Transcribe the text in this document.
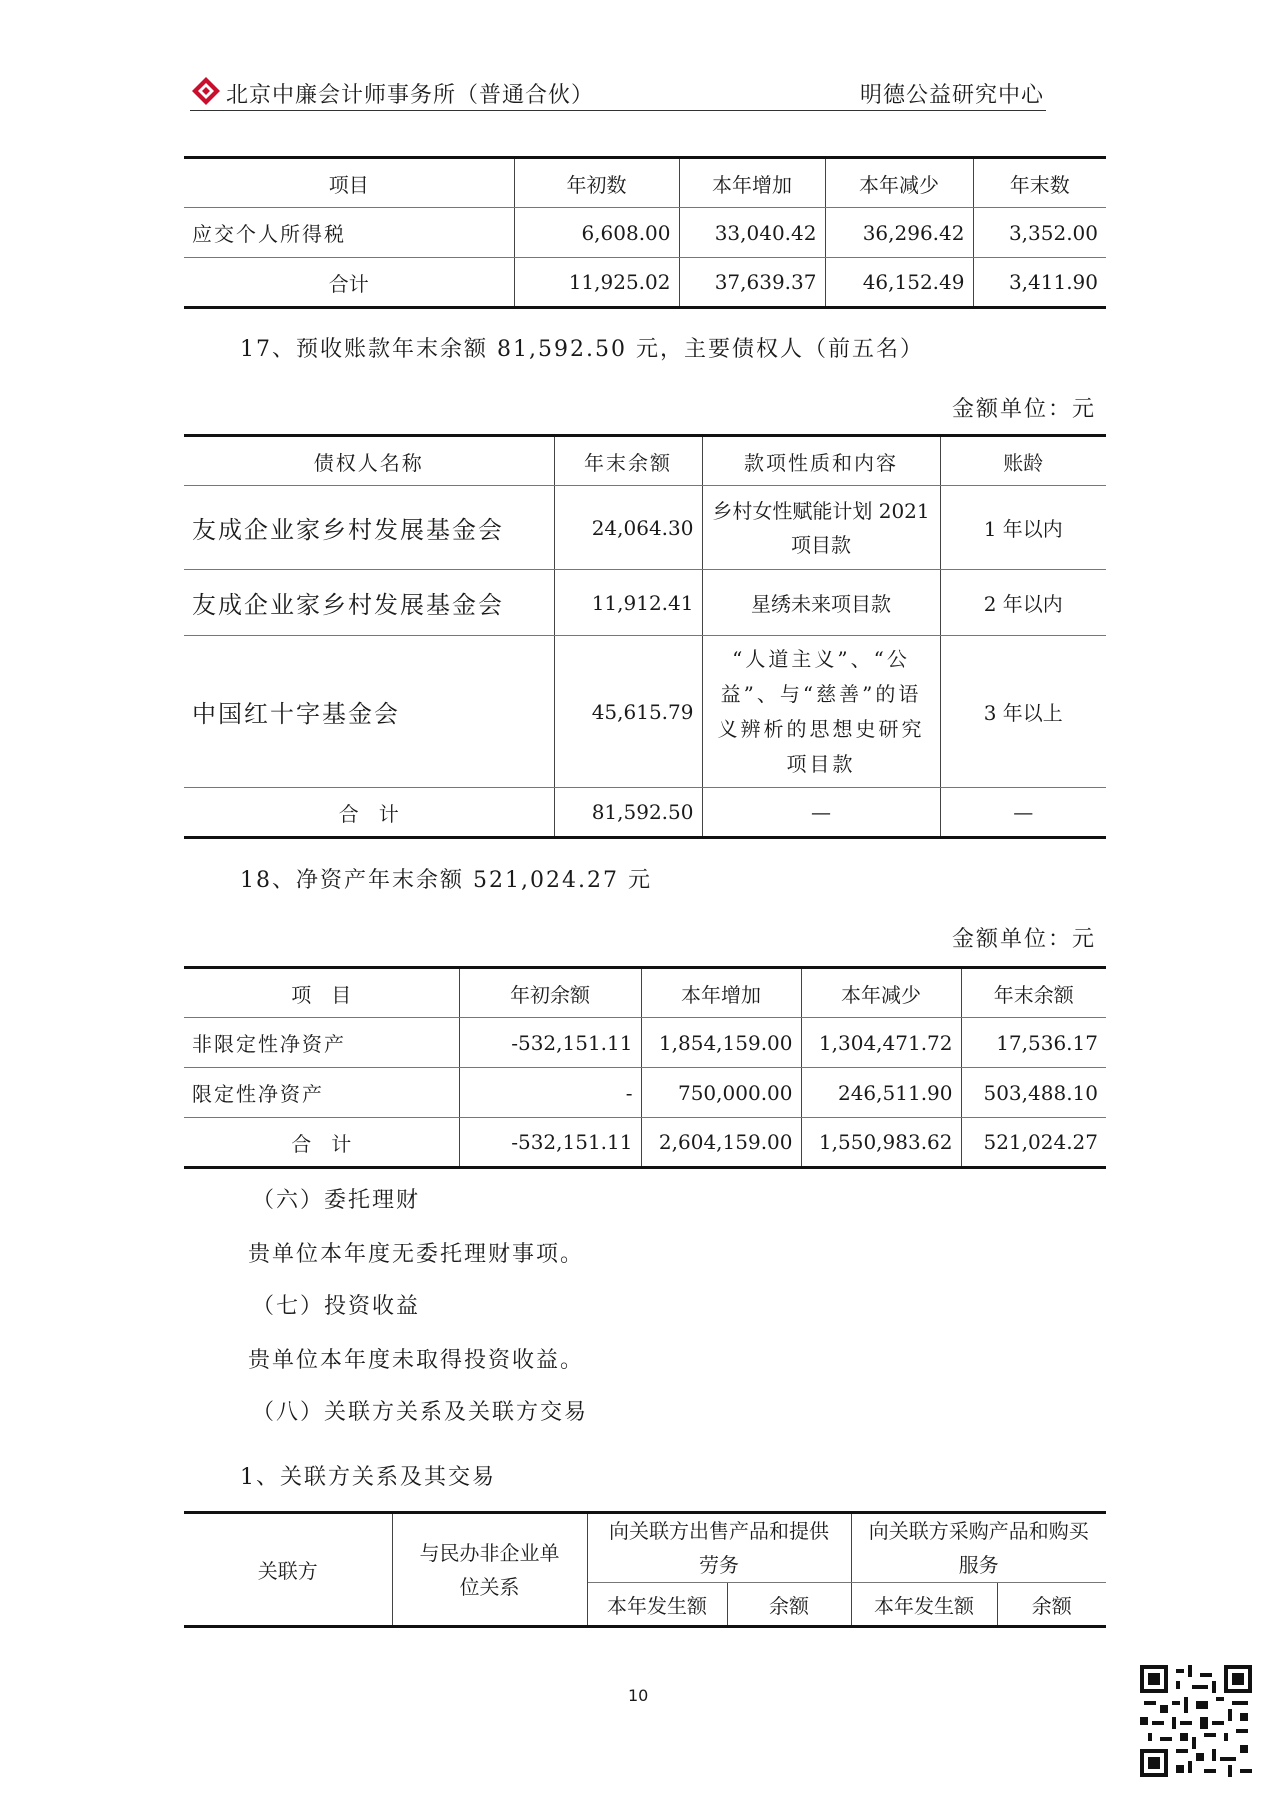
北京中廉会计师事务所（普通合伙）	明德公益研究中心
项目	年初数	本年增加	本年减少	年末数
应交个人所得税	6,608.00	33,040.42	36,296.42	3,352.00
合计	11,925.02	37,639.37	46,152.49	3,411.90
17、预收账款年末余额 81,592.50 元，主要债权人（前五名）
金额单位：元
债权人名称	年末余额	款项性质和内容	账龄
友成企业家乡村发展基金会	24,064.30	乡村女性赋能计划 2021 项目款	1 年以内
友成企业家乡村发展基金会	11,912.41	星绣未来项目款	2 年以内
中国红十字基金会	45,615.79	“人道主义”、“公益”、与“慈善”的语义辨析的思想史研究项目款	3 年以上
合　计	81,592.50	—	—
18、净资产年末余额 521,024.27 元
金额单位：元
项　目	年初余额	本年增加	本年减少	年末余额
非限定性净资产	-532,151.11	1,854,159.00	1,304,471.72	17,536.17
限定性净资产	-	750,000.00	246,511.90	503,488.10
合　计	-532,151.11	2,604,159.00	1,550,983.62	521,024.27
（六）委托理财
贵单位本年度无委托理财事项。
（七）投资收益
贵单位本年度未取得投资收益。
（八）关联方关系及关联方交易
1、关联方关系及其交易
关联方	与民办非企业单位关系	向关联方出售产品和提供劳务		向关联方采购产品和购买服务	
		本年发生额	余额	本年发生额	余额
10
